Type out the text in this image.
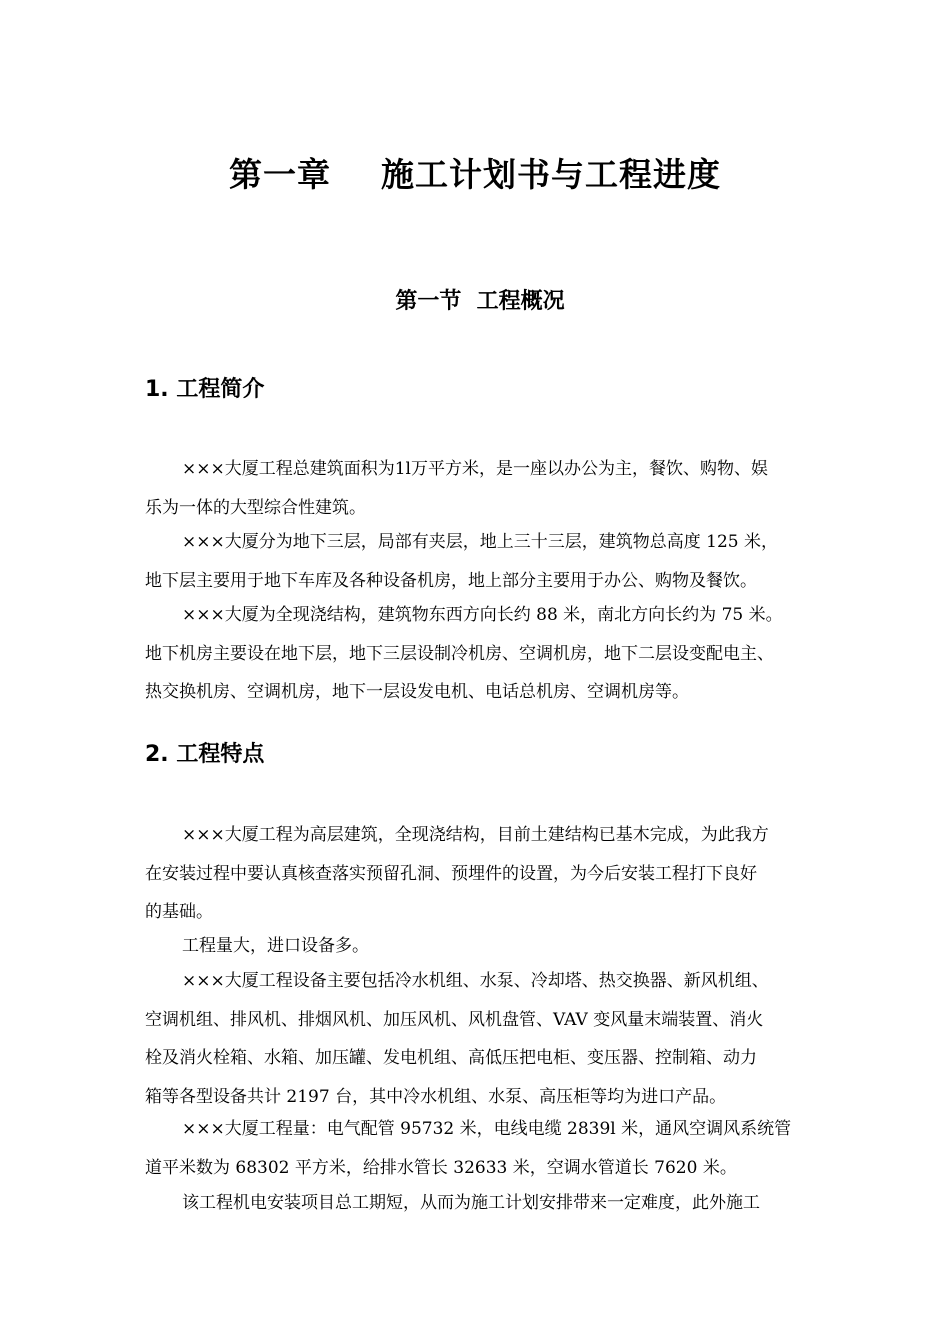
第一章    施工计划书与工程进度
第一节  工程概况
1. 工程简介
×××大厦工程总建筑面积为1l万平方米，是一座以办公为主，餐饮、购物、娱
乐为一体的大型综合性建筑。
×××大厦分为地下三层，局部有夹层，地上三十三层，建筑物总高度 125 米，
地下层主要用于地下车库及各种设备机房，地上部分主要用于办公、购物及餐饮。
×××大厦为全现浇结构，建筑物东西方向长约 88 米，南北方向长约为 75 米。
地下机房主要设在地下层，地下三层设制冷机房、空调机房，地下二层设变配电主、
热交换机房、空调机房，地下一层设发电机、电话总机房、空调机房等。
2. 工程特点
×××大厦工程为高层建筑，全现浇结构，目前土建结构已基木完成，为此我方
在安装过程中要认真核查落实预留孔洞、预埋件的设置，为今后安装工程打下良好
的基础。
工程量大，进口设备多。
×××大厦工程设备主要包括冷水机组、水泵、冷却塔、热交换器、新风机组、
空调机组、排风机、排烟风机、加压风机、风机盘管、VAV 变风量末端装置、消火
栓及消火栓箱、水箱、加压罐、发电机组、高低压把电柜、变压器、控制箱、动力
箱等各型设备共计 2197 台，其中冷水机组、水泵、高压柜等均为进口产品。
×××大厦工程量：电气配管 95732 米，电线电缆 2839l 米，通风空调风系统管
道平米数为 68302 平方米，给排水管长 32633 米，空调水管道长 7620 米。
该工程机电安装项目总工期短，从而为施工计划安排带来一定难度，此外施工
